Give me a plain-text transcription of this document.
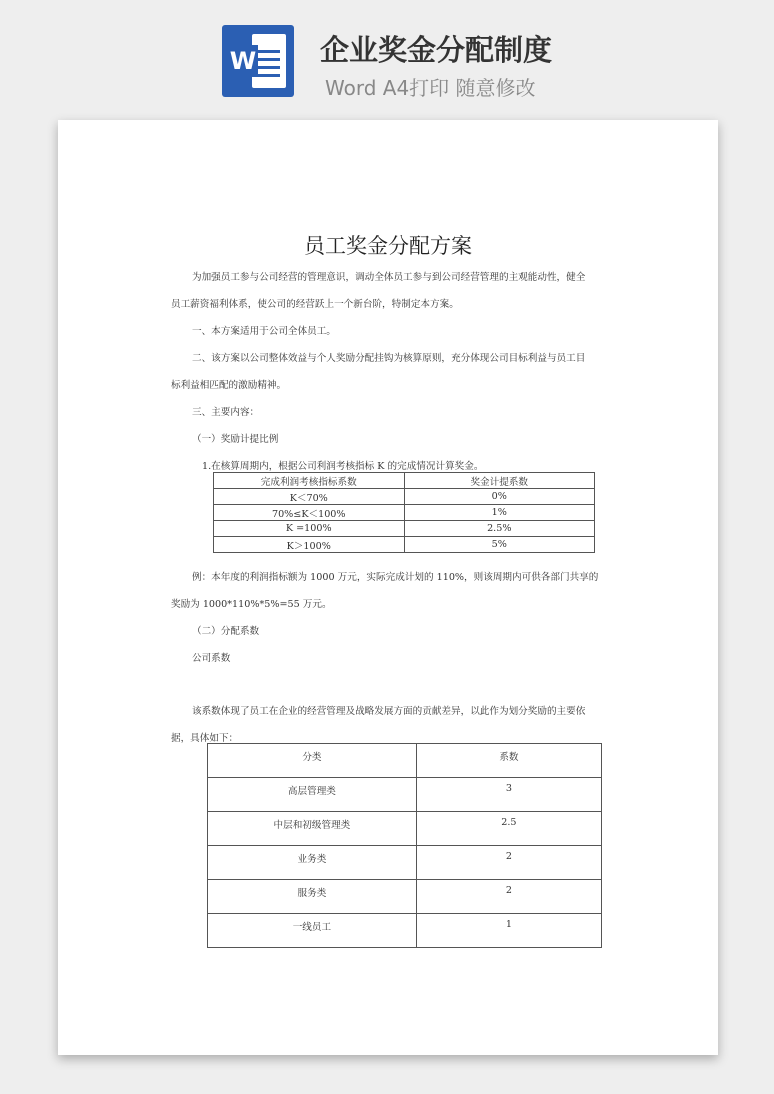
W 企业奖金分配制度
Word A4打印 随意修改
员工奖金分配方案
为加强员工参与公司经营的管理意识，调动全体员工参与到公司经营管理的主观能动性，健全
员工薪资福利体系，使公司的经营跃上一个新台阶，特制定本方案。
一、本方案适用于公司全体员工。
二、该方案以公司整体效益与个人奖励分配挂钩为核算原则，充分体现公司目标利益与员工目
标利益相匹配的激励精神。
三、主要内容：
（一）奖励计提比例
1.在核算周期内，根据公司利润考核指标 K 的完成情况计算奖金。
完成利润考核指标系数	奖金计提系数
K＜70%	0%
70%≤K＜100%	1%
K =100%	2.5%
K＞100%	5%
例：本年度的利润指标额为 1000 万元，实际完成计划的 110%，则该周期内可供各部门共享的
奖励为 1000*110%*5%=55 万元。
（二）分配系数
公司系数
该系数体现了员工在企业的经营管理及战略发展方面的贡献差异，以此作为划分奖励的主要依
据，具体如下：
分类	系数
高层管理类	3
中层和初级管理类	2.5
业务类	2
服务类	2
一线员工	1
